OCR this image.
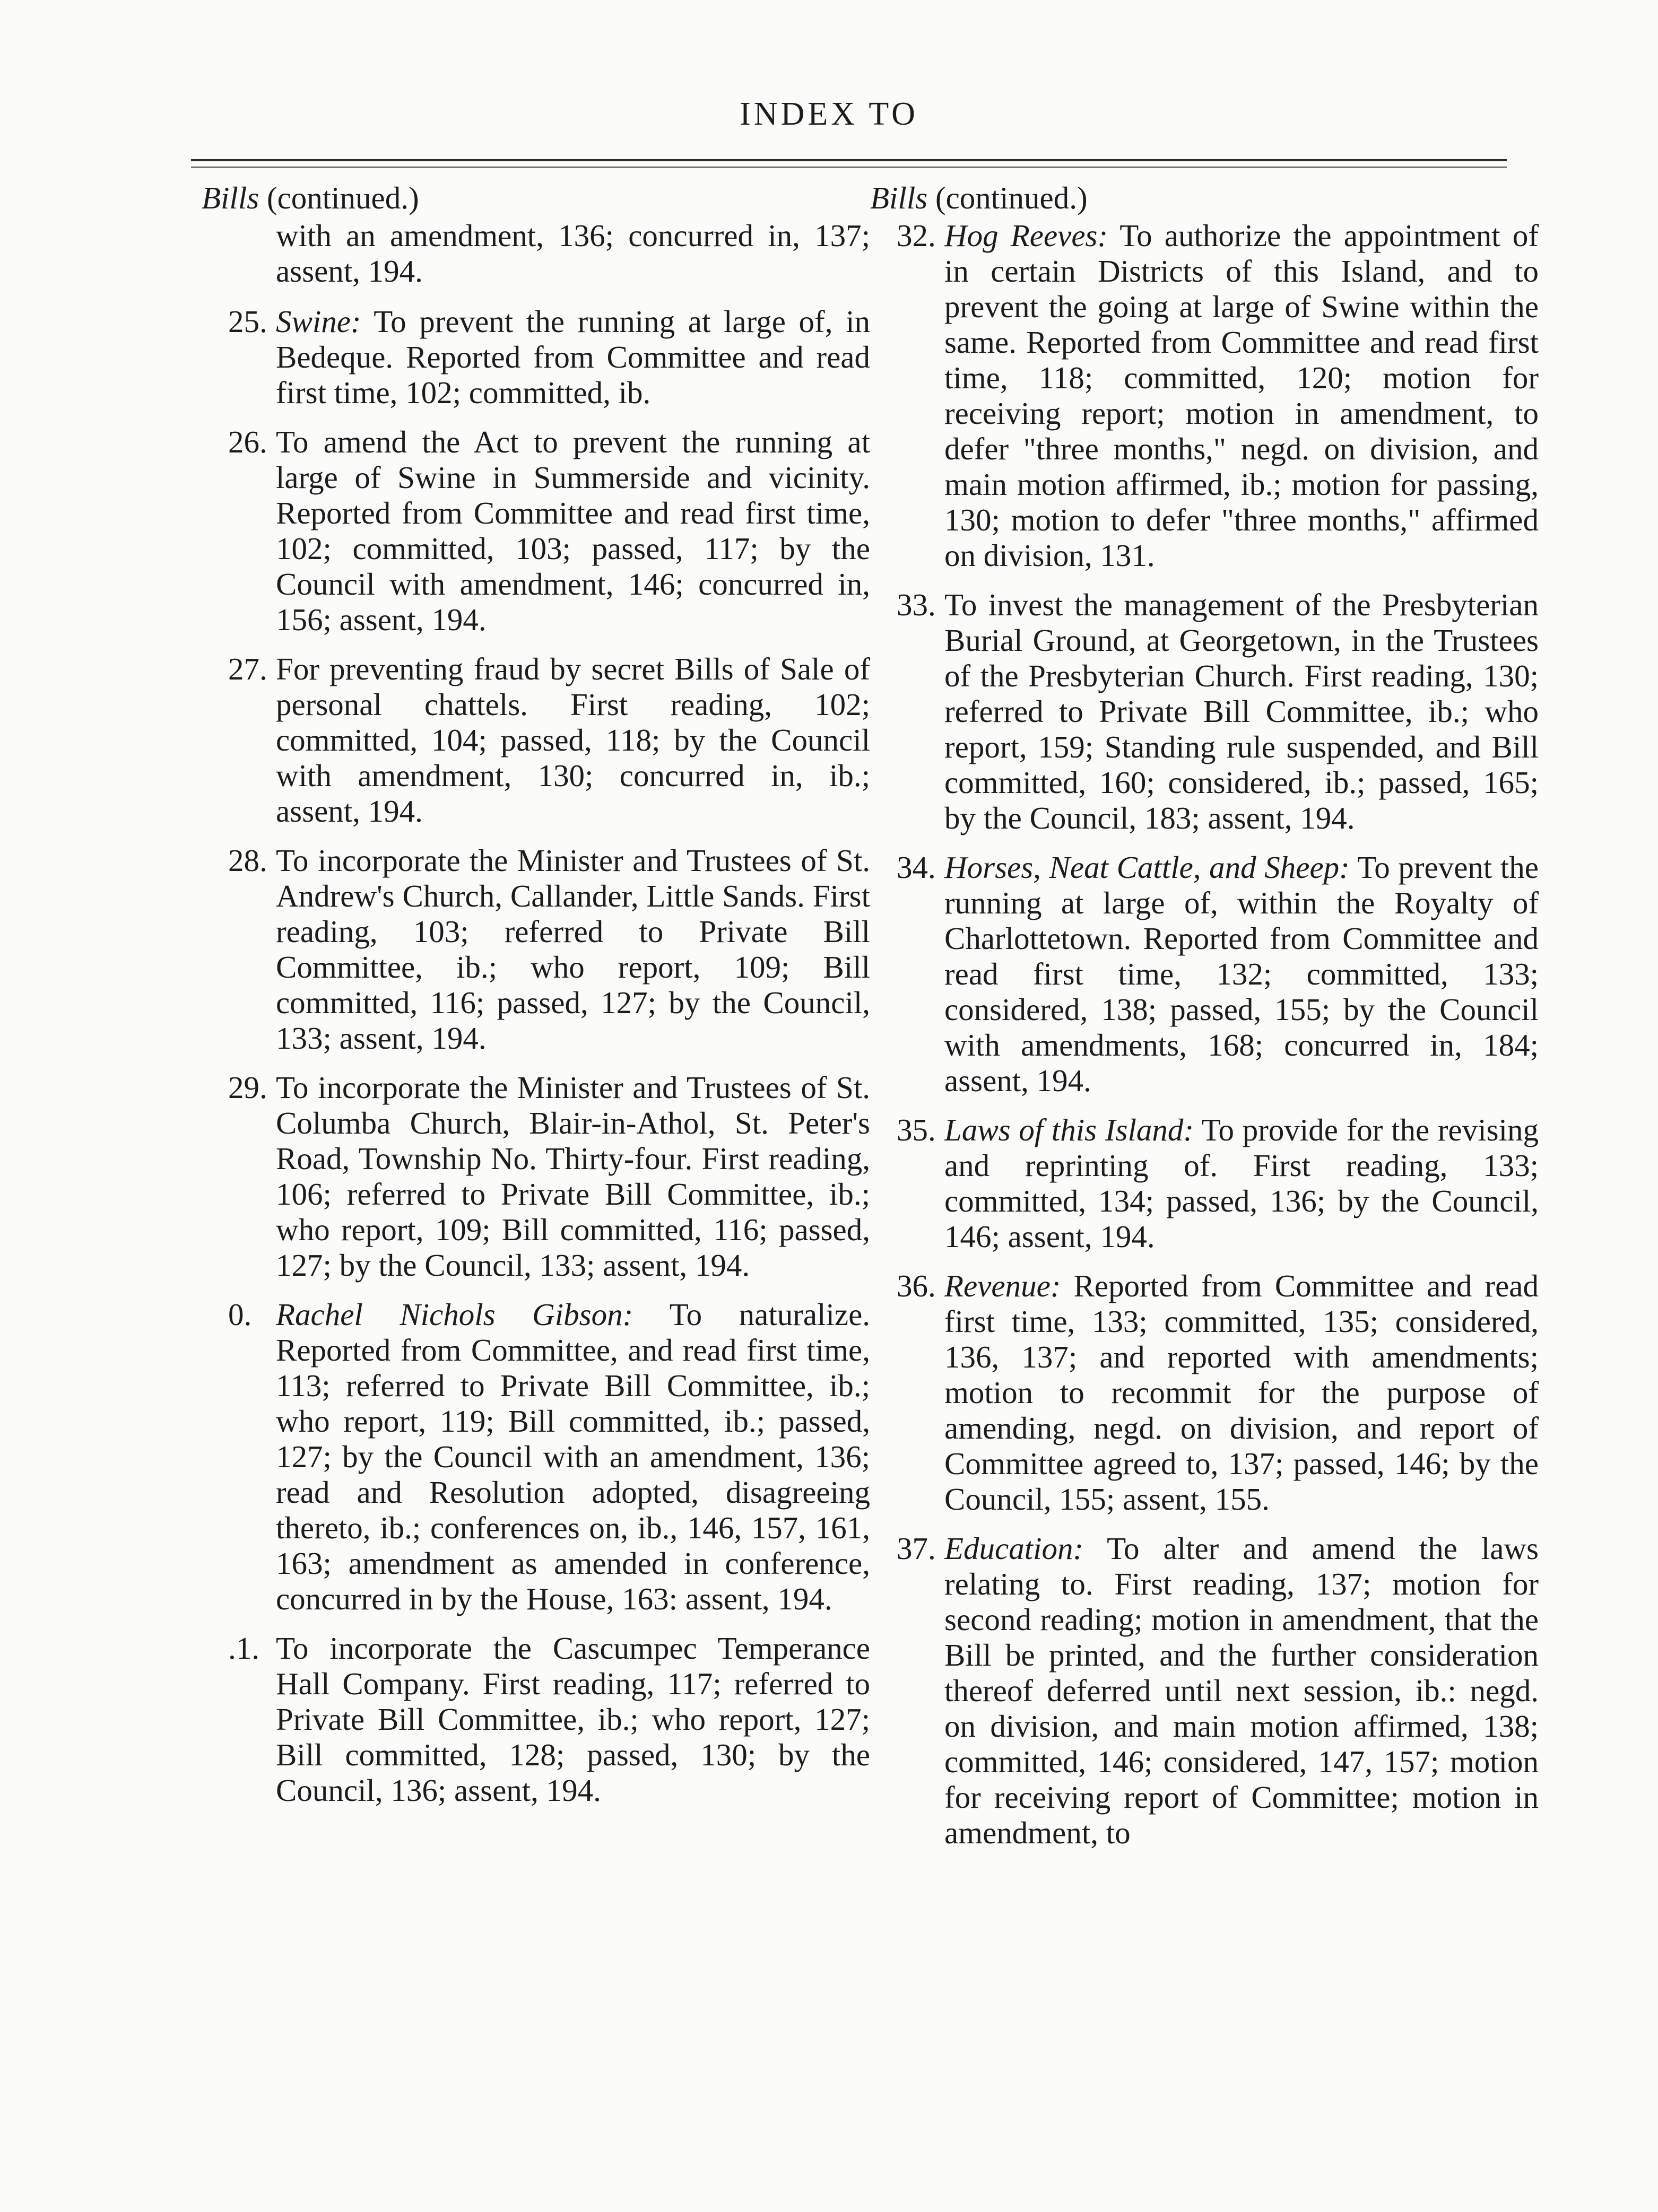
INDEX TO
Bills (continued.)
with an amendment, 136; concurred in, 137; assent, 194.
25. Swine: To prevent the running at large of, in Bedeque. Reported from Committee and read first time, 102; committed, ib.
26. To amend the Act to prevent the running at large of Swine in Summerside and vicinity. Reported from Committee and read first time, 102; committed, 103; passed, 117; by the Council with amendment, 146; concurred in, 156; assent, 194.
27. For preventing fraud by secret Bills of Sale of personal chattels. First reading, 102; committed, 104; passed, 118; by the Council with amendment, 130; concurred in, ib.; assent, 194.
28. To incorporate the Minister and Trustees of St. Andrew's Church, Callander, Little Sands. First reading, 103; referred to Private Bill Committee, ib.; who report, 109; Bill committed, 116; passed, 127; by the Council, 133; assent, 194.
29. To incorporate the Minister and Trustees of St. Columba Church, Blair-in-Athol, St. Peter's Road, Township No. Thirty-four. First reading, 106; referred to Private Bill Committee, ib.; who report, 109; Bill committed, 116; passed, 127; by the Council, 133; assent, 194.
0. Rachel Nichols Gibson: To naturalize. Reported from Committee, and read first time, 113; referred to Private Bill Committee, ib.; who report, 119; Bill committed, ib.; passed, 127; by the Council with an amendment, 136; read and Resolution adopted, disagreeing thereto, ib.; conferences on, ib., 146, 157, 161, 163; amendment as amended in conference, concurred in by the House, 163: assent, 194.
.1. To incorporate the Cascumpec Temperance Hall Company. First reading, 117; referred to Private Bill Committee, ib.; who report, 127; Bill committed, 128; passed, 130; by the Council, 136; assent, 194.
Bills (continued.)
32. Hog Reeves: To authorize the appointment of in certain Districts of this Island, and to prevent the going at large of Swine within the same. Reported from Committee and read first time, 118; committed, 120; motion for receiving report; motion in amendment, to defer "three months," negd. on division, and main motion affirmed, ib.; motion for passing, 130; motion to defer "three months," affirmed on division, 131.
33. To invest the management of the Presbyterian Burial Ground, at Georgetown, in the Trustees of the Presbyterian Church. First reading, 130; referred to Private Bill Committee, ib.; who report, 159; Standing rule suspended, and Bill committed, 160; considered, ib.; passed, 165; by the Council, 183; assent, 194.
34. Horses, Neat Cattle, and Sheep: To prevent the running at large of, within the Royalty of Charlottetown. Reported from Committee and read first time, 132; committed, 133; considered, 138; passed, 155; by the Council with amendments, 168; concurred in, 184; assent, 194.
35. Laws of this Island: To provide for the revising and reprinting of. First reading, 133; committed, 134; passed, 136; by the Council, 146; assent, 194.
36. Revenue: Reported from Committee and read first time, 133; committed, 135; considered, 136, 137; and reported with amendments; motion to recommit for the purpose of amending, negd. on division, and report of Committee agreed to, 137; passed, 146; by the Council, 155; assent, 155.
37. Education: To alter and amend the laws relating to. First reading, 137; motion for second reading; motion in amendment, that the Bill be printed, and the further consideration thereof deferred until next session, ib.: negd. on division, and main motion affirmed, 138; committed, 146; considered, 147, 157; motion for receiving report of Committee; motion in amendment, to
